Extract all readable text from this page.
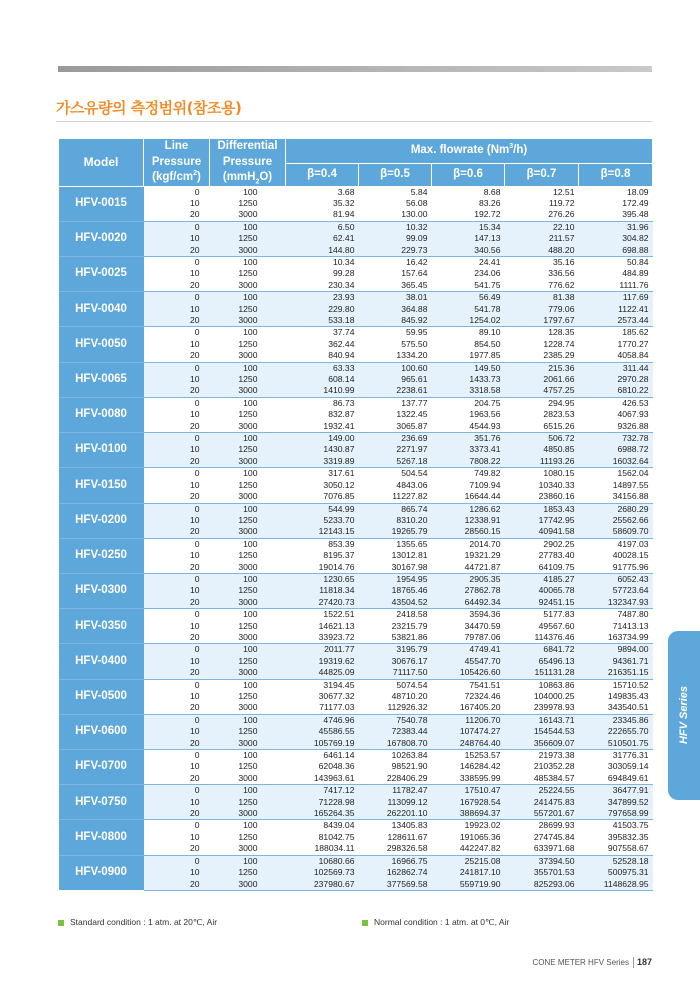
가스유량의 측정범위(참조용)
Model	Line
Pressure
$(kgf/cm^2)$	Differential
Pressure
(mmH$_2$O)	Max. flowrate (Nm$^3$/h)				
			β=0.4	β=0.5	β=0.6	β=0.7	β=0.8
HFV-0015	0	100	3.68	5.84	8.68	12.51	18.09
	10	1250	35.32	56.08	83.26	119.72	172.49
	20	3000	81.94	130.00	192.72	276.26	395.48
HFV-0020	0	100	6.50	10.32	15.34	22.10	31.96
	10	1250	62.41	99.09	147.13	211.57	304.82
	20	3000	144.80	229.73	340.56	488.20	698.88
HFV-0025	0	100	10.34	16.42	24.41	35.16	50.84
	10	1250	99.28	157.64	234.06	336.56	484.89
	20	3000	230.34	365.45	541.75	776.62	1111.76
HFV-0040	0	100	23.93	38.01	56.49	81.38	117.69
	10	1250	229.80	364.88	541.78	779.06	1122.41
	20	3000	533.18	845.92	1254.02	1797.67	2573.44
HFV-0050	0	100	37.74	59.95	89.10	128.35	185.62
	10	1250	362.44	575.50	854.50	1228.74	1770.27
	20	3000	840.94	1334.20	1977.85	2385.29	4058.84
HFV-0065	0	100	63.33	100.60	149.50	215.36	311.44
	10	1250	608.14	965.61	1433.73	2061.66	2970.28
	20	3000	1410.99	2238.61	3318.58	4757.25	6810.22
HFV-0080	0	100	86.73	137.77	204.75	294.95	426.53
	10	1250	832.87	1322.45	1963.56	2823.53	4067.93
	20	3000	1932.41	3065.87	4544.93	6515.26	9326.88
HFV-0100	0	100	149.00	236.69	351.76	506.72	732.78
	10	1250	1430.87	2271.97	3373.41	4850.85	6988.72
	20	3000	3319.89	5267.18	7808.22	11193.26	16032.64
HFV-0150	0	100	317.61	504.54	749.82	1080.15	1562.04
	10	1250	3050.12	4843.06	7109.94	10340.33	14897.55
	20	3000	7076.85	11227.82	16644.44	23860.16	34156.88
HFV-0200	0	100	544.99	865.74	1286.62	1853.43	2680.29
	10	1250	5233.70	8310.20	12338.91	17742.95	25562.66
	20	3000	12143.15	19265.79	28560.15	40941.58	58609.70
HFV-0250	0	100	853.39	1355.65	2014.70	2902.25	4197.03
	10	1250	8195.37	13012.81	19321.29	27783.40	40028.15
	20	3000	19014.76	30167.98	44721.87	64109.75	91775.96
HFV-0300	0	100	1230.65	1954.95	2905.35	4185.27	6052.43
	10	1250	11818.34	18765.46	27862.78	40065.78	57723.64
	20	3000	27420.73	43504.52	64492.34	92451.15	132347.93
HFV-0350	0	100	1522.51	2418.58	3594.36	5177.83	7487.80
	10	1250	14621.13	23215.79	34470.59	49567.60	71413.13
	20	3000	33923.72	53821.86	79787.06	114376.46	163734.99
HFV-0400	0	100	2011.77	3195.79	4749.41	6841.72	9894.00
	10	1250	19319.62	30676.17	45547.70	65496.13	94361.71
	20	3000	44825.09	71117.50	105426.60	151131.28	216351.15
HFV-0500	0	100	3194.45	5074.54	7541.51	10863.86	15710.52
	10	1250	30677.32	48710.20	72324.46	104000.25	149835.43
	20	3000	71177.03	112926.32	167405.20	239978.93	343540.51
HFV-0600	0	100	4746.96	7540.78	11206.70	16143.71	23345.86
	10	1250	45586.55	72383.44	107474.27	154544.53	222655.70
	20	3000	105769.19	167808.70	248764.40	356609.07	510501.75
HFV-0700	0	100	6461.14	10263.84	15253.57	21973.38	31776.31
	10	1250	62048.36	98521.90	146284.42	210352.28	303059.14
	20	3000	143963.61	228406.29	338595.99	485384.57	694849.61
HFV-0750	0	100	7417.12	11782.47	17510.47	25224.55	36477.91
	10	1250	71228.98	113099.12	167928.54	241475.83	347899.52
	20	3000	165264.35	262201.10	388694.37	557201.67	797658.99
HFV-0800	0	100	8439.04	13405.83	19923.02	28699.93	41503.75
	10	1250	81042.75	128611.67	191065.36	274745.84	395832.35
	20	3000	188034.11	298326.58	442247.82	633971.68	907558.67
HFV-0900	0	100	10680.66	16966.75	25215.08	37394.50	52528.18
	10	1250	102569.73	162862.74	241817.10	355701.53	500975.31
	20	3000	237980.67	377569.58	559719.90	825293.06	1148628.95
Standard condition : 1 atm. at 20℃, Air	Normal condition : 1 atm. at 0℃, Air
HFV Series
CONE METER HFV Series 187
